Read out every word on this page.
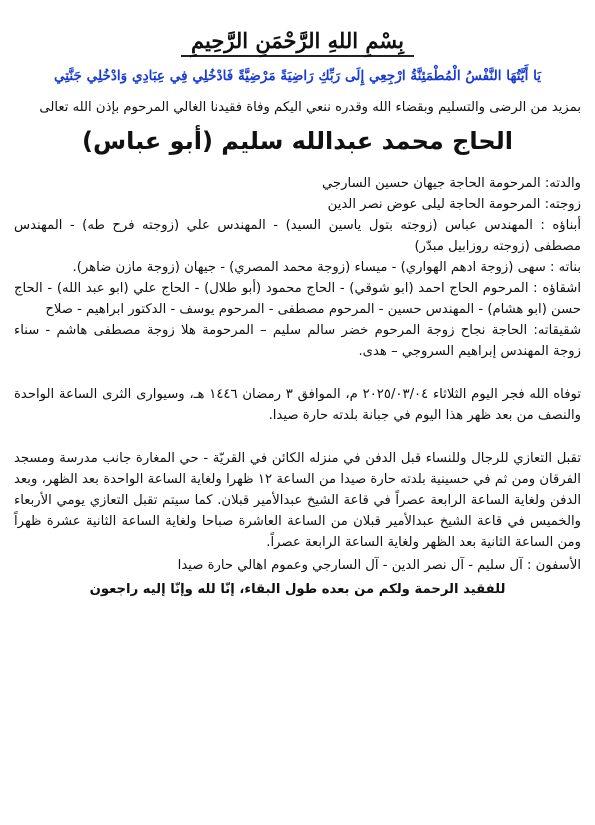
بِسْمِ اللهِ الرَّحْمَنِ الرَّحِيمِ

يَا أَيَّتُهَا النَّفْسُ الْمُطْمَئِنَّةُ ارْجِعِي إِلَى رَبِّكِ رَاضِيَةً مَرْضِيَّةً فَادْخُلِي فِي عِبَادِي وَادْخُلِي جَنَّتِي

بمزيد من الرضى والتسليم وبقضاء الله وقدره ننعي اليكم وفاة فقيدنا الغالي المرحوم بإذن الله تعالى

الحاج محمد عبدالله سليم (أبو عباس)

والدته: المرحومة الحاجة جيهان حسين السارجي

زوجته: المرحومة الحاجة ليلى عوض نصر الدين

أبناؤه : المهندس عباس (زوجته بتول ياسين السيد) - المهندس علي (زوجته فرح طه) - المهندس مصطفى (زوجته روزابيل مبدّر)

بناته : سهى (زوجة ادهم الهواري) - ميساء (زوجة محمد المصري) - جيهان (زوجة مازن ضاهر).

اشقاؤه : المرحوم الحاج احمد (ابو شوقي) - الحاج محمود (أبو طلال) - الحاج علي (ابو عبد الله) - الحاج حسن (ابو هشام) - المهندس حسين - المرحوم مصطفى - المرحوم يوسف - الدكتور ابراهيم - صلاح

شقيقاته: الحاجة نجاح زوجة المرحوم خضر سالم سليم – المرحومة هلا زوجة مصطفى هاشم - سناء زوجة المهندس إبراهيم السروجي – هدى.

توفاه الله فجر اليوم الثلاثاء ٢٠٢٥/٠٣/٠٤ م، الموافق ٣ رمضان ١٤٤٦ هـ، وسيوارى الثرى الساعة الواحدة والنصف من بعد ظهر هذا اليوم في جبانة بلدته حارة صيدا.

تقبل التعازي للرجال وللنساء قبل الدفن في منزله الكائن في القريّة - حي المغارة جانب مدرسة ومسجد الفرقان ومن ثم في حسينية بلدته حارة صيدا من الساعة ١٢ ظهرا ولغاية الساعة الواحدة بعد الظهر، وبعد الدفن ولغاية الساعة الرابعة عصراً في قاعة الشيخ عبدالأمير قبلان. كما سيتم تقبل التعازي يومي الأربعاء والخميس في قاعة الشيخ عبدالأمير قبلان من الساعة العاشرة صباحا ولغاية الساعة الثانية عشرة ظهراً ومن الساعة الثانية بعد الظهر ولغاية الساعة الرابعة عصراً.

الأسفون : آل سليم - آل نصر الدين - آل السارجي وعموم اهالي حارة صيدا

للفقيد الرحمة ولكم من بعده طول البقاء، إنّا لله وإنّا إليه راجعون
